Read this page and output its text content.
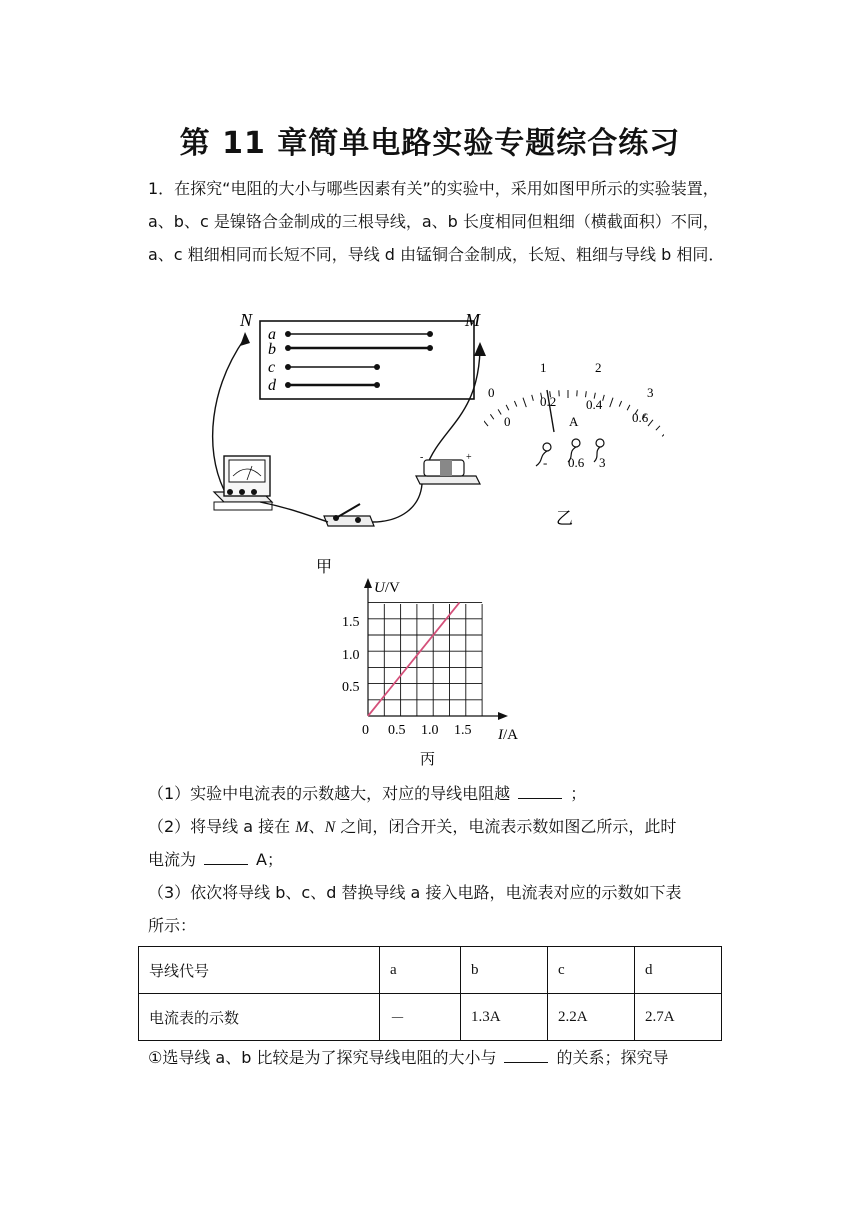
第 11 章简单电路实验专题综合练习
1．在探究“电阻的大小与哪些因素有关”的实验中，采用如图甲所示的实验装置，a、b、c 是镍铬合金制成的三根导线，a、b 长度相同但粗细（横截面积）不同，a、c 粗细相同而长短不同，导线 d 由锰铜合金制成，长短、粗细与导线 b 相同．
a
b
c
d
N	M
-	+
甲
0
1	2
3
0
0.2 0.4
0.6
A
- 0.6 3
乙
U/V
I/A
1.5
1.0
0.5
0 0.5 1.0 1.5
丙
（1）实验中电流表的示数越大，对应的导线电阻越	；
（2）将导线 a 接在 M、N 之间，闭合开关，电流表示数如图乙所示，此时
电流为	A；
（3）依次将导线 b、c、d 替换导线 a 接入电路，电流表对应的示数如下表
所示：
导线代号	a	b	c	d
电流表的示数	－	1.3A	2.2A	2.7A
①选导线 a、b 比较是为了探究导线电阻的大小与	的关系；探究导
